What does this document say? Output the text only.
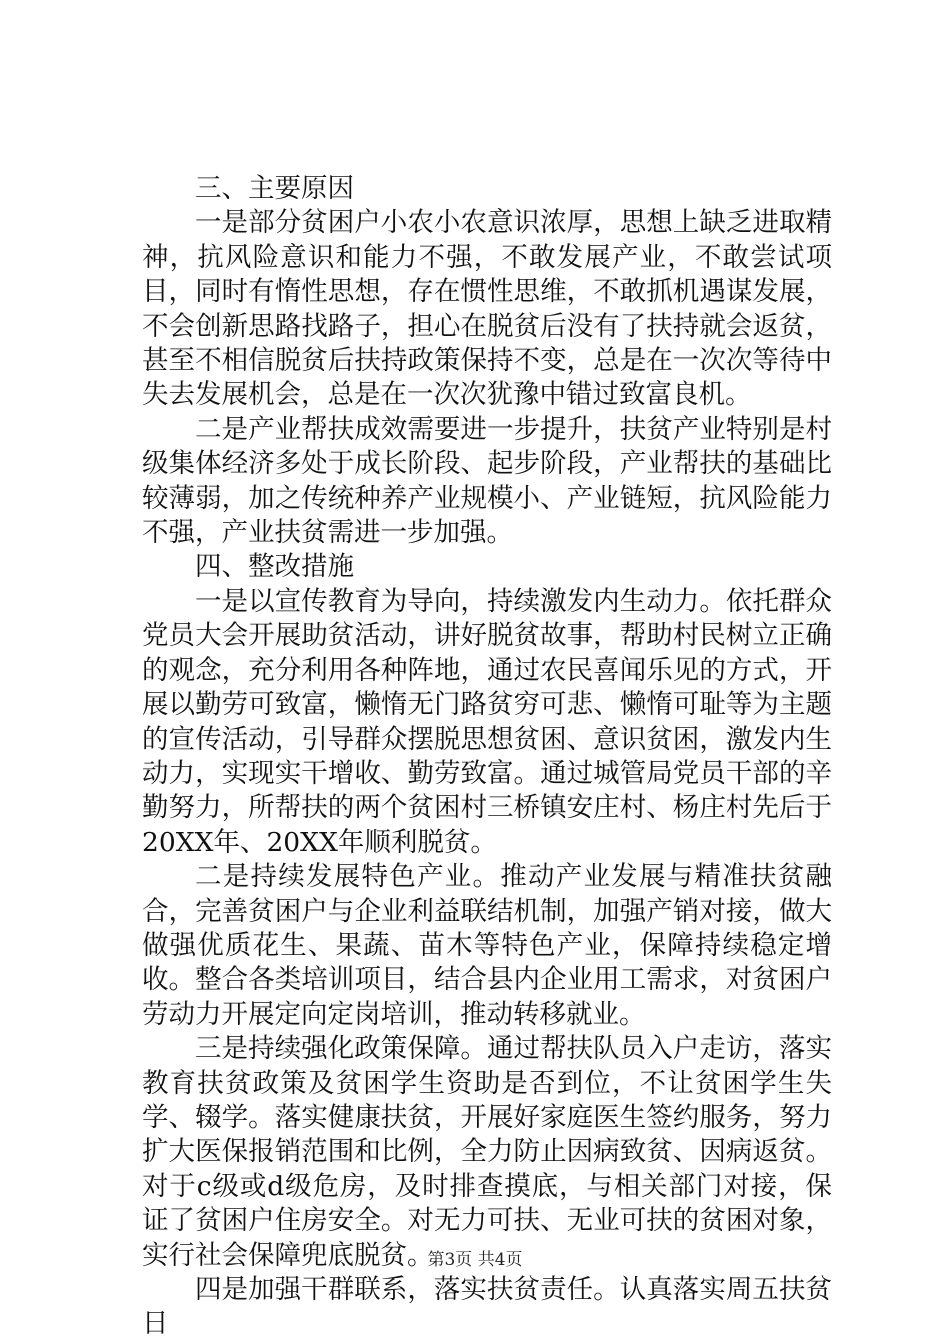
三、主要原因

一是部分贫困户小农小农意识浓厚，思想上缺乏进取精神，抗风险意识和能力不强，不敢发展产业，不敢尝试项目，同时有惰性思想，存在惯性思维，不敢抓机遇谋发展，不会创新思路找路子，担心在脱贫后没有了扶持就会返贫，甚至不相信脱贫后扶持政策保持不变，总是在一次次等待中失去发展机会，总是在一次次犹豫中错过致富良机。

二是产业帮扶成效需要进一步提升，扶贫产业特别是村级集体经济多处于成长阶段、起步阶段，产业帮扶的基础比较薄弱，加之传统种养产业规模小、产业链短，抗风险能力不强，产业扶贫需进一步加强。

四、整改措施

一是以宣传教育为导向，持续激发内生动力。依托群众党员大会开展助贫活动，讲好脱贫故事，帮助村民树立正确的观念，充分利用各种阵地，通过农民喜闻乐见的方式，开展以勤劳可致富，懒惰无门路贫穷可悲、懒惰可耻等为主题的宣传活动，引导群众摆脱思想贫困、意识贫困，激发内生动力，实现实干增收、勤劳致富。通过城管局党员干部的辛勤努力，所帮扶的两个贫困村三桥镇安庄村、杨庄村先后于20XX年、20XX年顺利脱贫。

二是持续发展特色产业。推动产业发展与精准扶贫融合，完善贫困户与企业利益联结机制，加强产销对接，做大做强优质花生、果蔬、苗木等特色产业，保障持续稳定增收。整合各类培训项目，结合县内企业用工需求，对贫困户劳动力开展定向定岗培训，推动转移就业。

三是持续强化政策保障。通过帮扶队员入户走访，落实教育扶贫政策及贫困学生资助是否到位，不让贫困学生失学、辍学。落实健康扶贫，开展好家庭医生签约服务，努力扩大医保报销范围和比例，全力防止因病致贫、因病返贫。对于c级或d级危房，及时排查摸底，与相关部门对接，保证了贫困户住房安全。对无力可扶、无业可扶的贫困对象，实行社会保障兜底脱贫。

四是加强干群联系，落实扶贫责任。认真落实周五扶贫日

第3页 共4页
